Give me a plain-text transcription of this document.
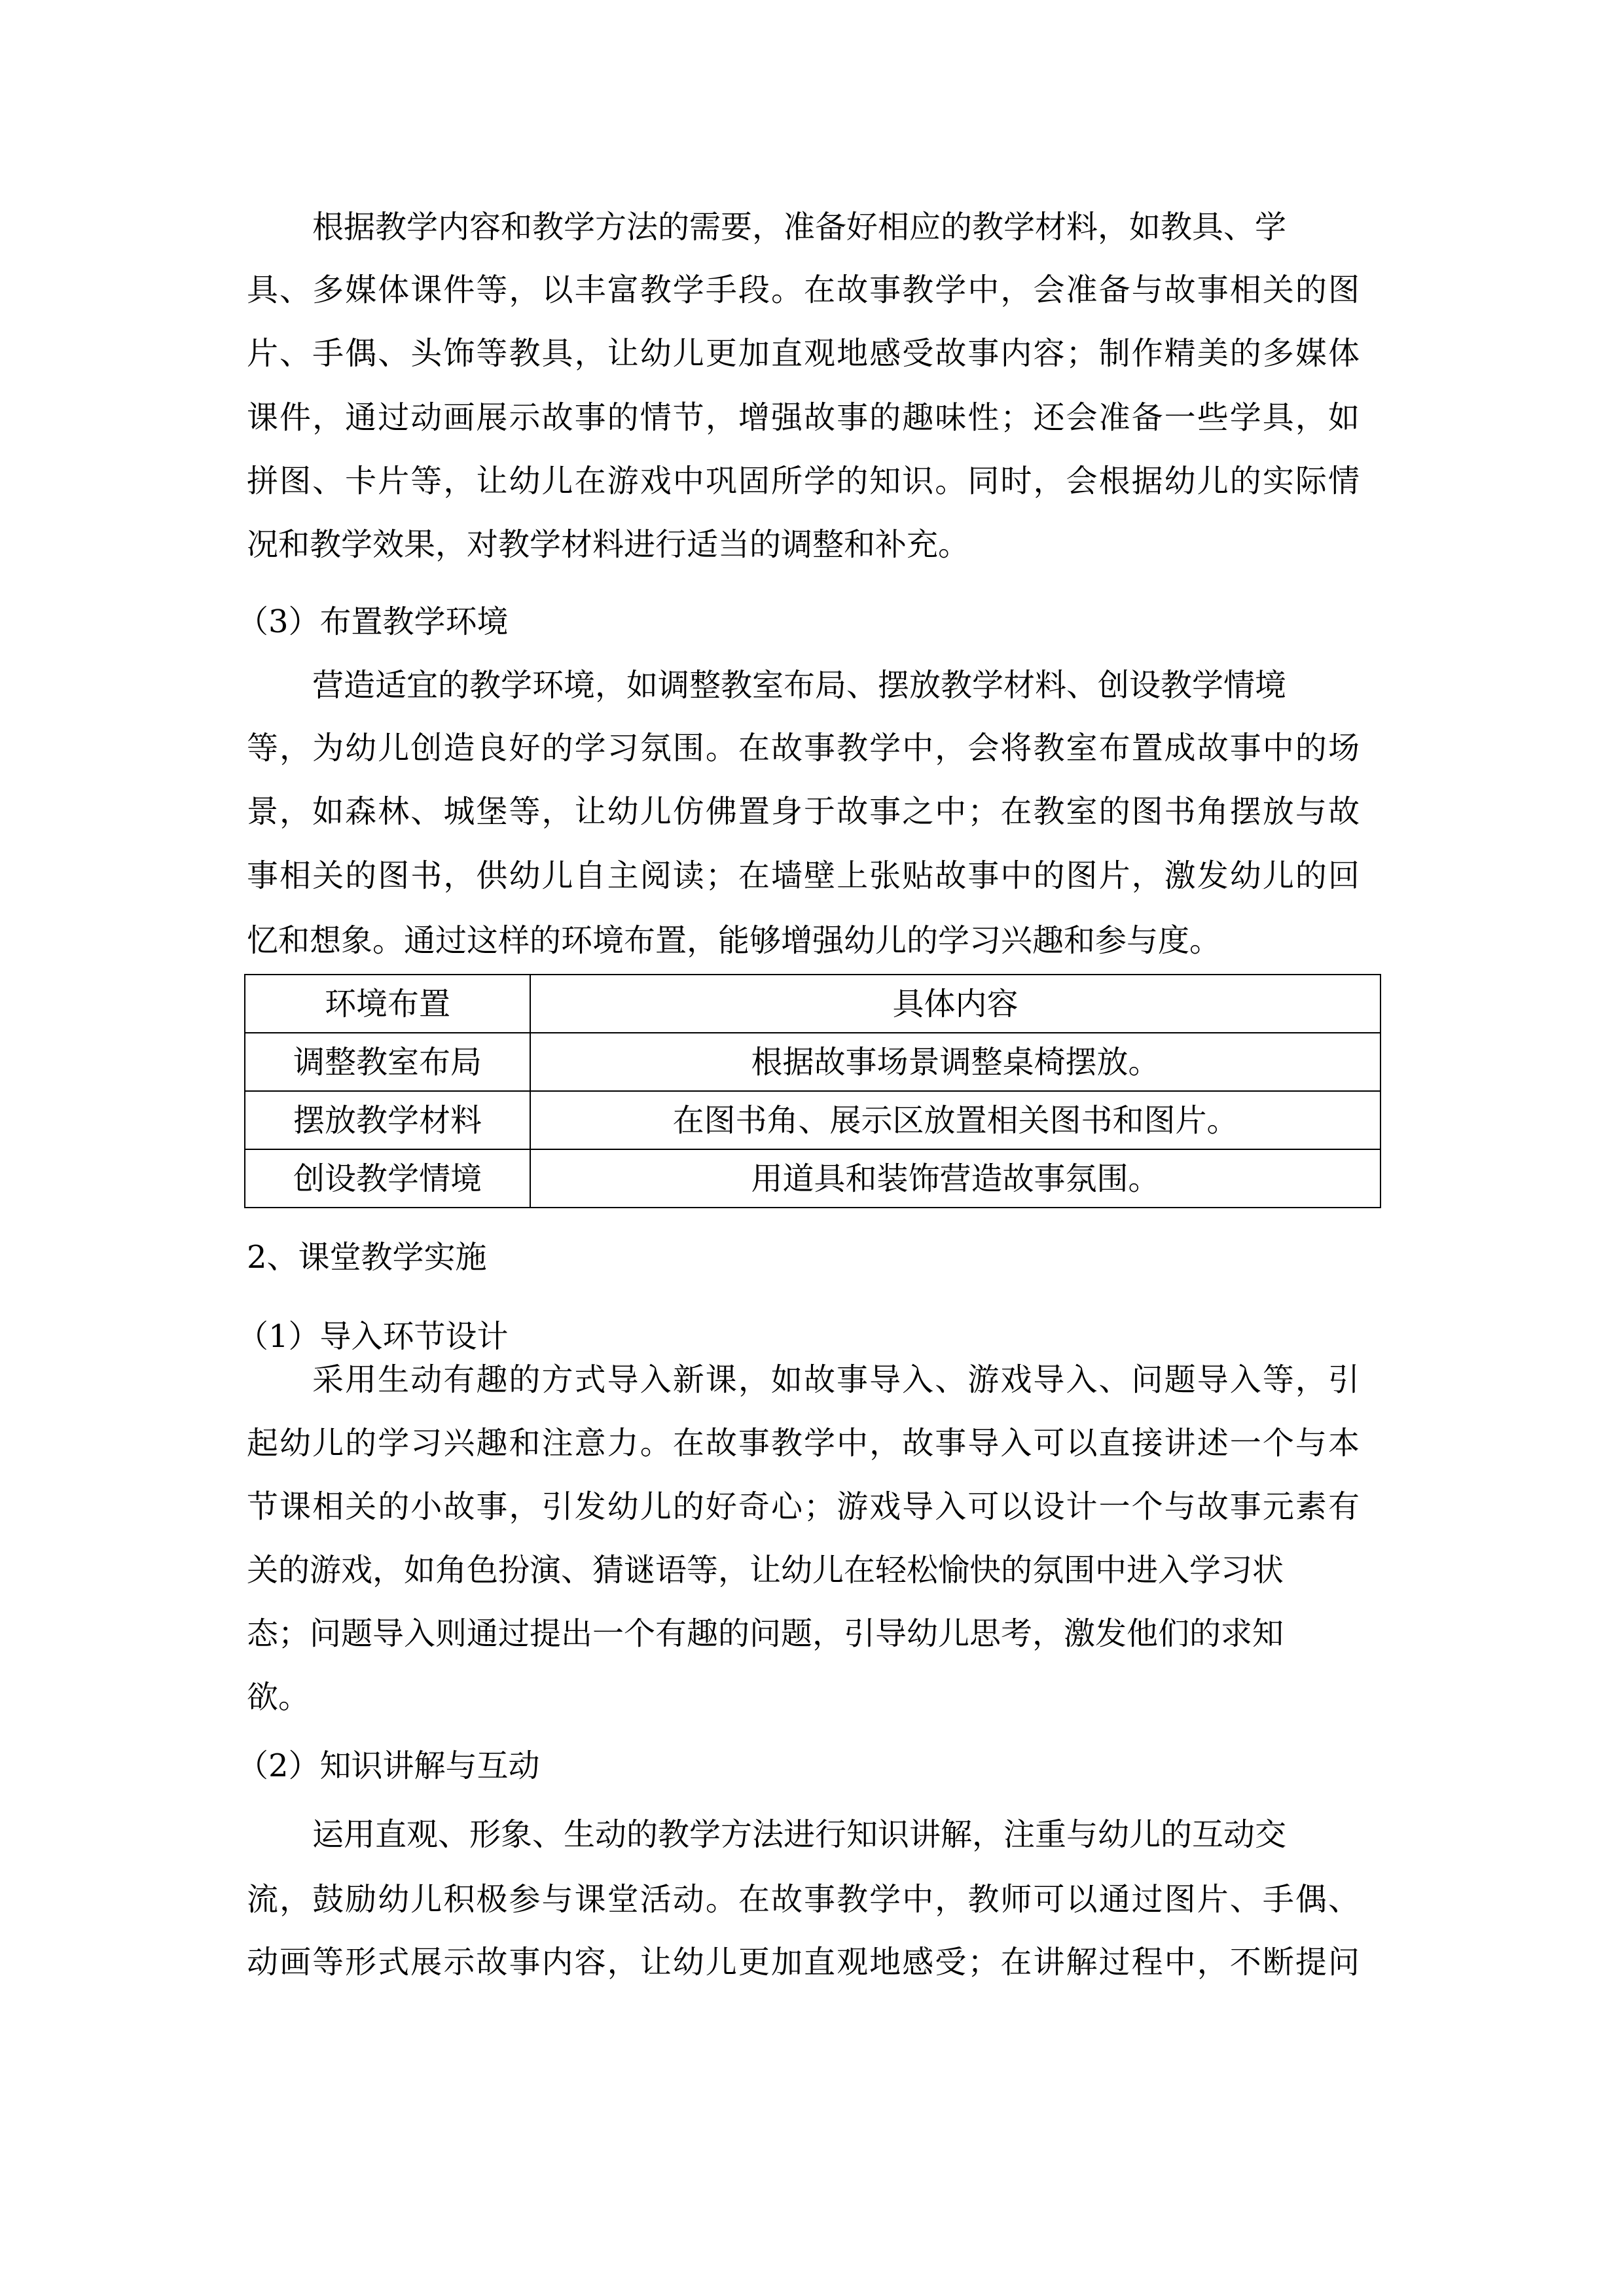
根据教学内容和教学方法的需要，准备好相应的教学材料，如教具、学
具、多媒体课件等，以丰富教学手段。在故事教学中，会准备与故事相关的图
片、手偶、头饰等教具，让幼儿更加直观地感受故事内容；制作精美的多媒体
课件，通过动画展示故事的情节，增强故事的趣味性；还会准备一些学具，如
拼图、卡片等，让幼儿在游戏中巩固所学的知识。同时，会根据幼儿的实际情
况和教学效果，对教学材料进行适当的调整和补充。
（3）布置教学环境
营造适宜的教学环境，如调整教室布局、摆放教学材料、创设教学情境
等，为幼儿创造良好的学习氛围。在故事教学中，会将教室布置成故事中的场
景，如森林、城堡等，让幼儿仿佛置身于故事之中；在教室的图书角摆放与故
事相关的图书，供幼儿自主阅读；在墙壁上张贴故事中的图片，激发幼儿的回
忆和想象。通过这样的环境布置，能够增强幼儿的学习兴趣和参与度。
环境布置	具体内容
调整教室布局	根据故事场景调整桌椅摆放。
摆放教学材料	在图书角、展示区放置相关图书和图片。
创设教学情境	用道具和装饰营造故事氛围。
2、课堂教学实施
（1）导入环节设计
采用生动有趣的方式导入新课，如故事导入、游戏导入、问题导入等，引
起幼儿的学习兴趣和注意力。在故事教学中，故事导入可以直接讲述一个与本
节课相关的小故事，引发幼儿的好奇心；游戏导入可以设计一个与故事元素有
关的游戏，如角色扮演、猜谜语等，让幼儿在轻松愉快的氛围中进入学习状
态；问题导入则通过提出一个有趣的问题，引导幼儿思考，激发他们的求知
欲。
（2）知识讲解与互动
运用直观、形象、生动的教学方法进行知识讲解，注重与幼儿的互动交
流，鼓励幼儿积极参与课堂活动。在故事教学中，教师可以通过图片、手偶、
动画等形式展示故事内容，让幼儿更加直观地感受；在讲解过程中，不断提问
